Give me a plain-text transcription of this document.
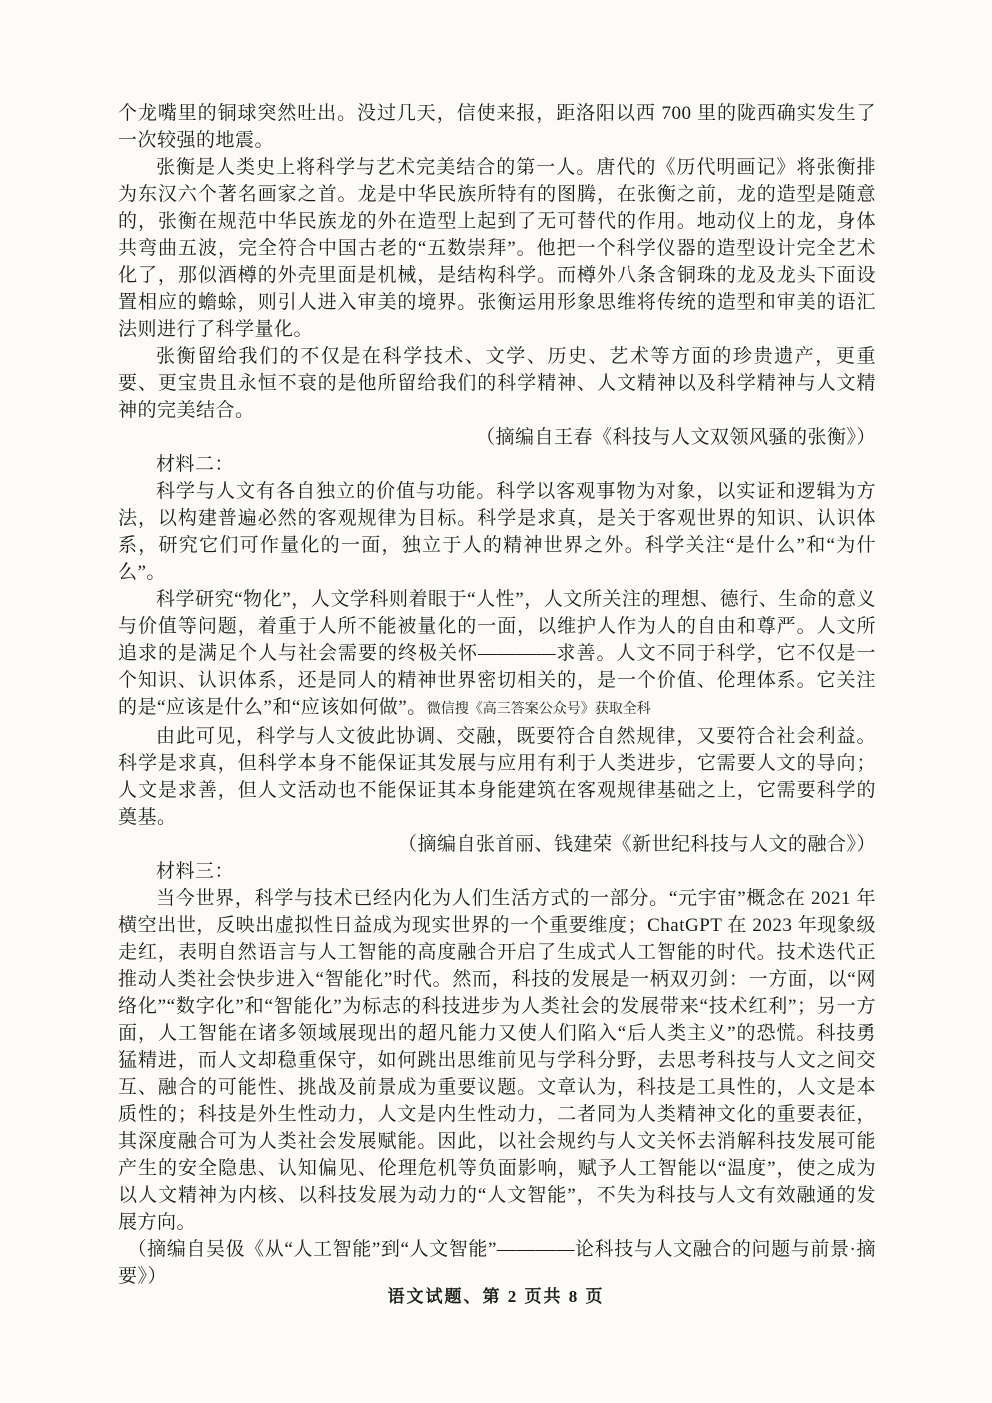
个龙嘴里的铜球突然吐出。没过几天，信使来报，距洛阳以西 700 里的陇西确实发生了一次较强的地震。

张衡是人类史上将科学与艺术完美结合的第一人。唐代的《历代明画记》将张衡排为东汉六个著名画家之首。龙是中华民族所特有的图腾，在张衡之前，龙的造型是随意的，张衡在规范中华民族龙的外在造型上起到了无可替代的作用。地动仪上的龙，身体共弯曲五波，完全符合中国古老的“五数崇拜”。他把一个科学仪器的造型设计完全艺术化了，那似酒樽的外壳里面是机械，是结构科学。而樽外八条含铜珠的龙及龙头下面设置相应的蟾蜍，则引人进入审美的境界。张衡运用形象思维将传统的造型和审美的语汇法则进行了科学量化。

张衡留给我们的不仅是在科学技术、文学、历史、艺术等方面的珍贵遗产，更重要、更宝贵且永恒不衰的是他所留给我们的科学精神、人文精神以及科学精神与人文精神的完美结合。

（摘编自王春《科技与人文双领风骚的张衡》）

材料二：

科学与人文有各自独立的价值与功能。科学以客观事物为对象，以实证和逻辑为方法，以构建普遍必然的客观规律为目标。科学是求真，是关于客观世界的知识、认识体系，研究它们可作量化的一面，独立于人的精神世界之外。科学关注“是什么”和“为什么”。

科学研究“物化”，人文学科则着眼于“人性”，人文所关注的理想、德行、生命的意义与价值等问题，着重于人所不能被量化的一面，以维护人作为人的自由和尊严。人文所追求的是满足个人与社会需要的终极关怀————求善。人文不同于科学，它不仅是一个知识、认识体系，还是同人的精神世界密切相关的，是一个价值、伦理体系。它关注的是“应该是什么”和“应该如何做”。微信搜《高三答案公众号》获取全科

由此可见，科学与人文彼此协调、交融，既要符合自然规律，又要符合社会利益。科学是求真，但科学本身不能保证其发展与应用有利于人类进步，它需要人文的导向；人文是求善，但人文活动也不能保证其本身能建筑在客观规律基础之上，它需要科学的奠基。

（摘编自张首丽、钱建荣《新世纪科技与人文的融合》）

材料三：

当今世界，科学与技术已经内化为人们生活方式的一部分。“元宇宙”概念在 2021 年横空出世，反映出虚拟性日益成为现实世界的一个重要维度；ChatGPT 在 2023 年现象级走红，表明自然语言与人工智能的高度融合开启了生成式人工智能的时代。技术迭代正推动人类社会快步进入“智能化”时代。然而，科技的发展是一柄双刃剑：一方面，以“网络化”“数字化”和“智能化”为标志的科技进步为人类社会的发展带来“技术红利”；另一方面，人工智能在诸多领域展现出的超凡能力又使人们陷入“后人类主义”的恐慌。科技勇猛精进，而人文却稳重保守，如何跳出思维前见与学科分野，去思考科技与人文之间交互、融合的可能性、挑战及前景成为重要议题。文章认为，科技是工具性的，人文是本质性的；科技是外生性动力，人文是内生性动力，二者同为人类精神文化的重要表征，其深度融合可为人类社会发展赋能。因此，以社会规约与人文关怀去消解科技发展可能产生的安全隐患、认知偏见、伦理危机等负面影响，赋予人工智能以“温度”，使之成为以人文精神为内核、以科技发展为动力的“人文智能”，不失为科技与人文有效融通的发展方向。

（摘编自吴伋《从“人工智能”到“人文智能”————论科技与人文融合的问题与前景·摘要》）

语文试题、第 2 页共 8 页
